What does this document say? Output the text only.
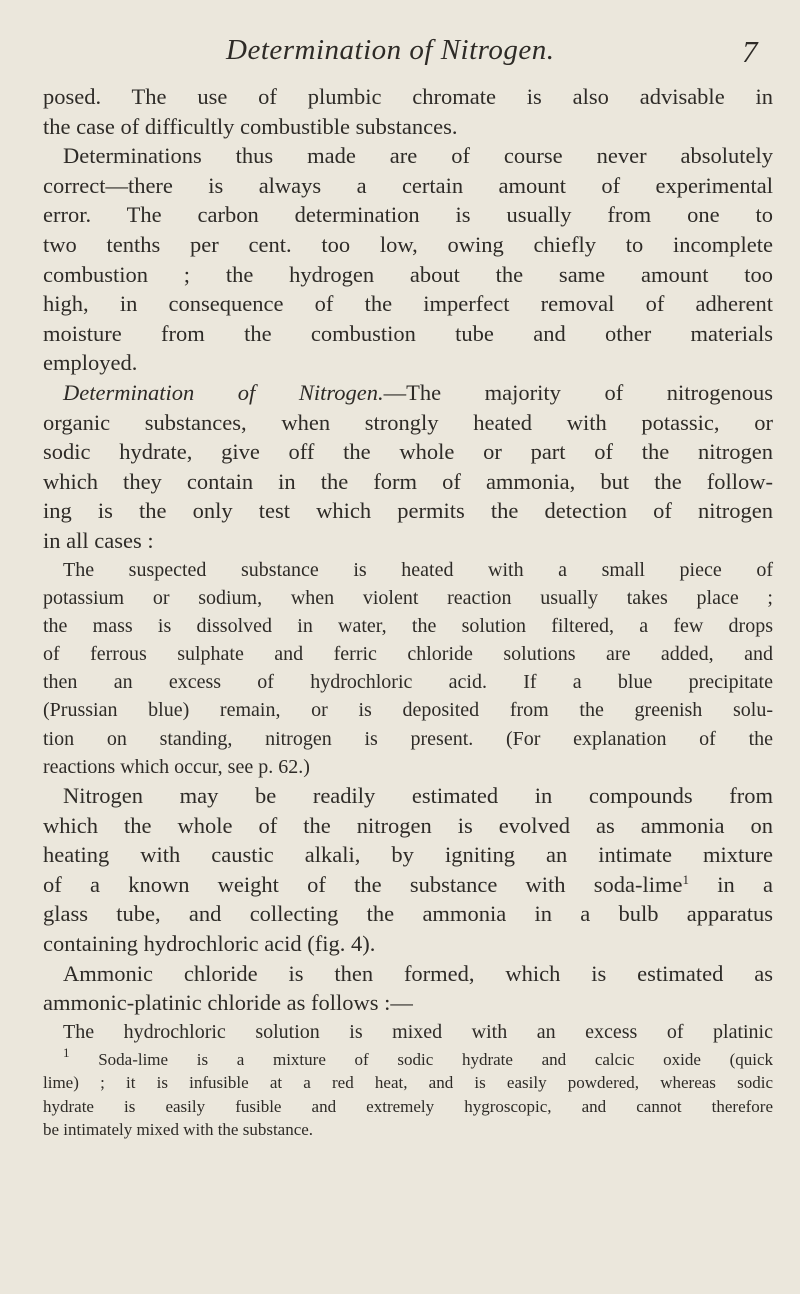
Determination of Nitrogen.	7
posed. The use of plumbic chromate is also advisable in
the case of difficultly combustible substances.
Determinations thus made are of course never absolutely
correct—there is always a certain amount of experimental
error. The carbon determination is usually from one to
two tenths per cent. too low, owing chiefly to incomplete
combustion ; the hydrogen about the same amount too
high, in consequence of the imperfect removal of adherent
moisture from the combustion tube and other materials
employed.
Determination of Nitrogen.—The majority of nitrogenous
organic substances, when strongly heated with potassic, or
sodic hydrate, give off the whole or part of the nitrogen
which they contain in the form of ammonia, but the follow-
ing is the only test which permits the detection of nitrogen
in all cases :
The suspected substance is heated with a small piece of
potassium or sodium, when violent reaction usually takes place ;
the mass is dissolved in water, the solution filtered, a few drops
of ferrous sulphate and ferric chloride solutions are added, and
then an excess of hydrochloric acid. If a blue precipitate
(Prussian blue) remain, or is deposited from the greenish solu-
tion on standing, nitrogen is present. (For explanation of the
reactions which occur, see p. 62.)
Nitrogen may be readily estimated in compounds from
which the whole of the nitrogen is evolved as ammonia on
heating with caustic alkali, by igniting an intimate mixture
of a known weight of the substance with soda-lime$^1$ in a
glass tube, and collecting the ammonia in a bulb apparatus
containing hydrochloric acid (fig. 4).
Ammonic chloride is then formed, which is estimated as
ammonic-platinic chloride as follows :—
The hydrochloric solution is mixed with an excess of platinic
$^1$ Soda-lime is a mixture of sodic hydrate and calcic oxide (quick
lime) ; it is infusible at a red heat, and is easily powdered, whereas sodic
hydrate is easily fusible and extremely hygroscopic, and cannot therefore
be intimately mixed with the substance.
